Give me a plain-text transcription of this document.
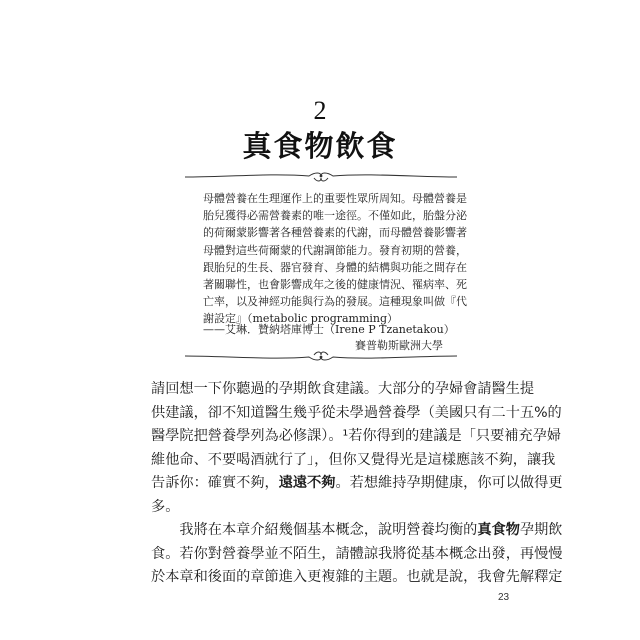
2
真食物飲食
母體營養在生理運作上的重要性眾所周知。母體營養是
胎兒獲得必需營養素的唯一途徑。不僅如此，胎盤分泌
的荷爾蒙影響著各種營養素的代謝，而母體營養影響著
母體對這些荷爾蒙的代謝調節能力。發育初期的營養，
跟胎兒的生長、器官發育、身體的結構與功能之間存在
著關聯性，也會影響成年之後的健康情況、罹病率、死
亡率，以及神經功能與行為的發展。這種現象叫做『代
謝設定』（metabolic programming）
——艾琳．贊納塔庫博士（Irene P Tzanetakou）
賽普勒斯歐洲大學
請回想一下你聽過的孕期飲食建議。大部分的孕婦會請醫生提
供建議，卻不知道醫生幾乎從未學過營養學（美國只有二十五%的
醫學院把營養學列為必修課）。¹若你得到的建議是「只要補充孕婦
維他命、不要喝酒就行了」，但你又覺得光是這樣應該不夠，讓我
告訴你：確實不夠，遠遠不夠。若想維持孕期健康，你可以做得更
多。
　　我將在本章介紹幾個基本概念，說明營養均衡的真食物孕期飲
食。若你對營養學並不陌生，請體諒我將從基本概念出發，再慢慢
於本章和後面的章節進入更複雜的主題。也就是說，我會先解釋定
23
